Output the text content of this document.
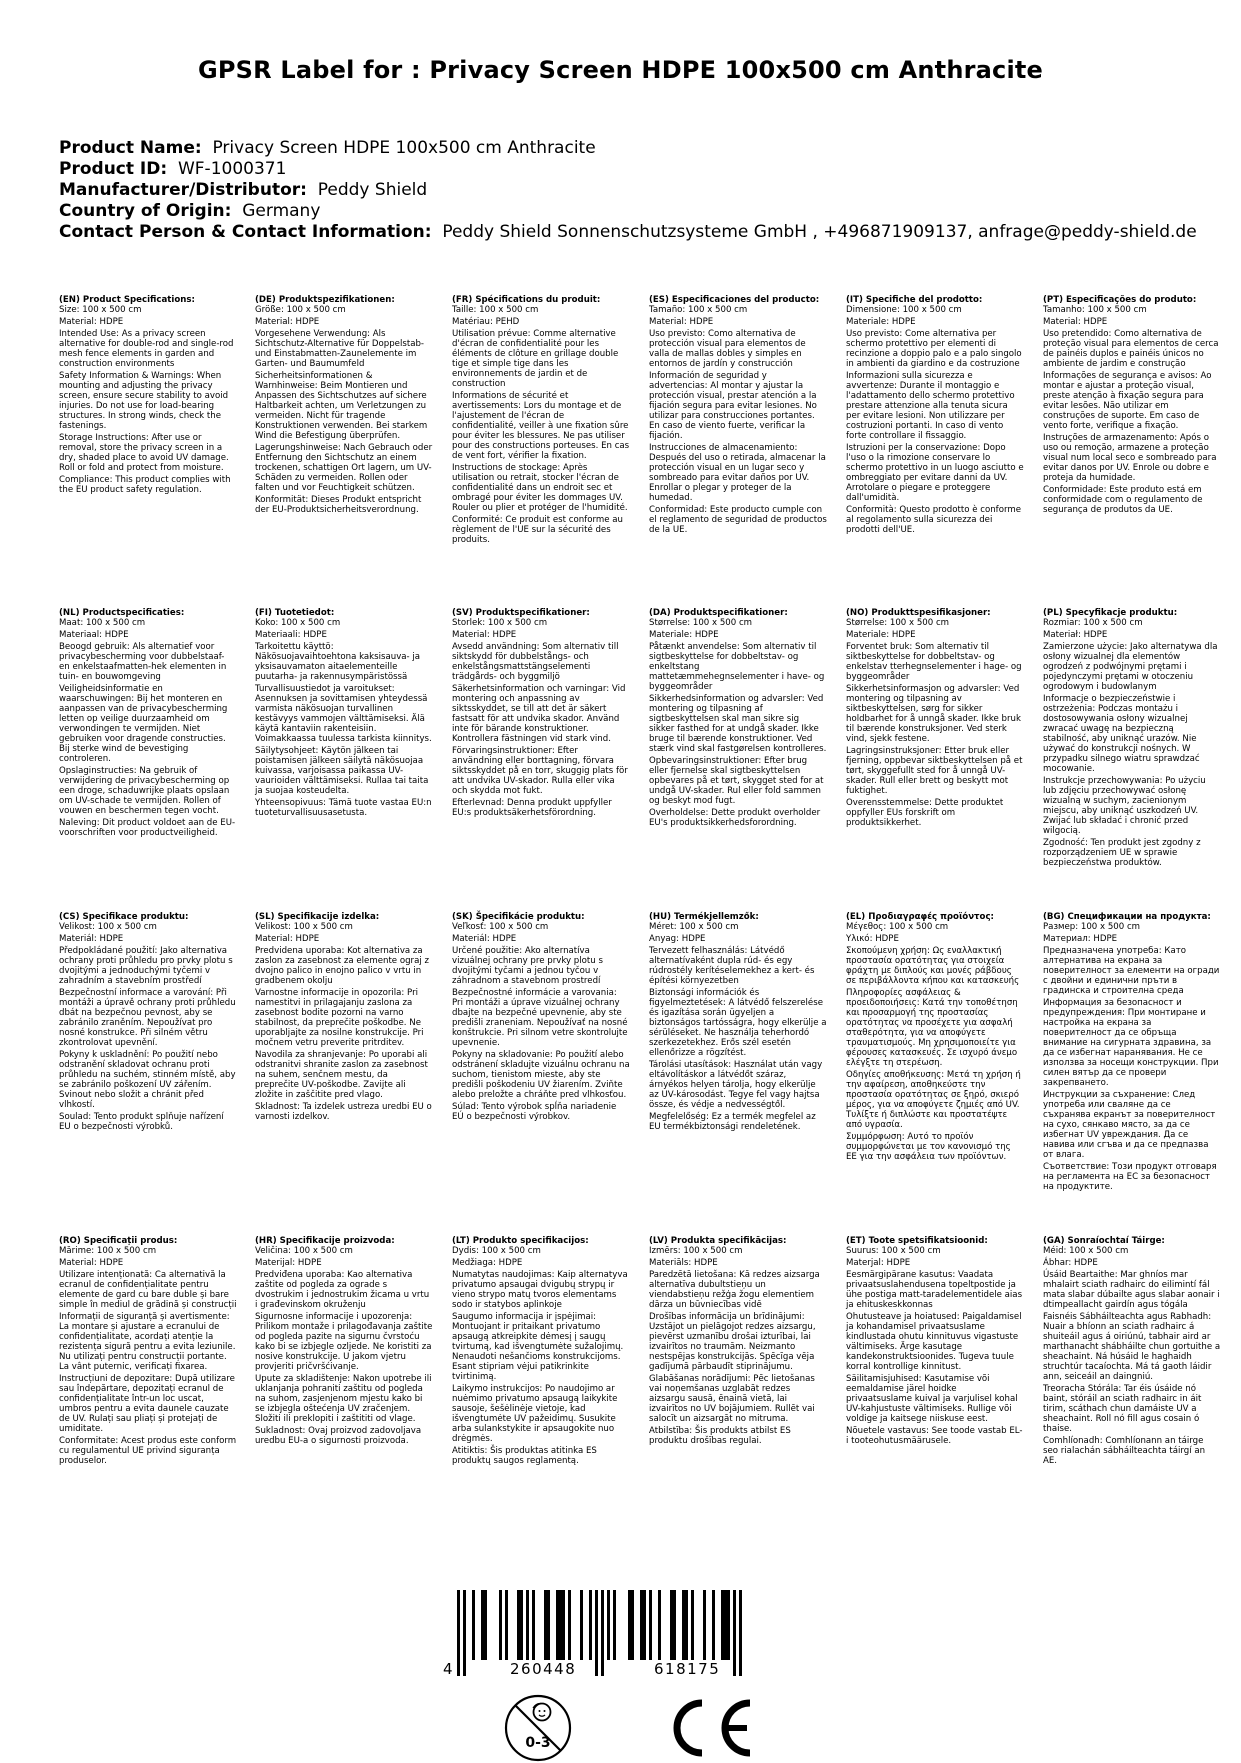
GPSR Label for : Privacy Screen HDPE 100x500 cm Anthracite
Product Name: Privacy Screen HDPE 100x500 cm Anthracite
Product ID: WF-1000371
Manufacturer/Distributor: Peddy Shield
Country of Origin: Germany
Contact Person & Contact Information: Peddy Shield Sonnenschutzsysteme GmbH , +496871909137, anfrage@peddy-shield.de
(EN) Product Specifications:

Size: 100 x 500 cm

Material: HDPE

Intended Use: As a privacy screen alternative for double-rod and single-rod mesh fence elements in garden and construction environments

Safety Information & Warnings: When mounting and adjusting the privacy screen, ensure secure stability to avoid injuries. Do not use for load-bearing structures. In strong winds, check the fastenings.

Storage Instructions: After use or removal, store the privacy screen in a dry, shaded place to avoid UV damage. Roll or fold and protect from moisture.

Compliance: This product complies with the EU product safety regulation.

(DE) Produktspezifikationen:

Größe: 100 x 500 cm

Material: HDPE

Vorgesehene Verwendung: Als Sichtschutz-Alternative für Doppelstab- und Einstabmatten-Zaunelemente im Garten- und Baumumfeld

Sicherheitsinformationen & Warnhinweise: Beim Montieren und Anpassen des Sichtschutzes auf sichere Haltbarkeit achten, um Verletzungen zu vermeiden. Nicht für tragende Konstruktionen verwenden. Bei starkem Wind die Befestigung überprüfen.

Lagerungshinweise: Nach Gebrauch oder Entfernung den Sichtschutz an einem trockenen, schattigen Ort lagern, um UV-Schäden zu vermeiden. Rollen oder falten und vor Feuchtigkeit schützen.

Konformität: Dieses Produkt entspricht der EU-Produktsicherheitsverordnung.

(FR) Spécifications du produit:

Taille: 100 x 500 cm

Matériau: PEHD

Utilisation prévue: Comme alternative d'écran de confidentialité pour les éléments de clôture en grillage double tige et simple tige dans les environnements de jardin et de construction

Informations de sécurité et avertissements: Lors du montage et de l'ajustement de l'écran de confidentialité, veiller à une fixation sûre pour éviter les blessures. Ne pas utiliser pour des constructions porteuses. En cas de vent fort, vérifier la fixation.

Instructions de stockage: Après utilisation ou retrait, stocker l'écran de confidentialité dans un endroit sec et ombragé pour éviter les dommages UV. Rouler ou plier et protéger de l'humidité.

Conformité: Ce produit est conforme au règlement de l'UE sur la sécurité des produits.

(ES) Especificaciones del producto:

Tamaño: 100 x 500 cm

Material: HDPE

Uso previsto: Como alternativa de protección visual para elementos de valla de mallas dobles y simples en entornos de jardín y construcción

Información de seguridad y advertencias: Al montar y ajustar la protección visual, prestar atención a la fijación segura para evitar lesiones. No utilizar para construcciones portantes. En caso de viento fuerte, verificar la fijación.

Instrucciones de almacenamiento: Después del uso o retirada, almacenar la protección visual en un lugar seco y sombreado para evitar daños por UV. Enrollar o plegar y proteger de la humedad.

Conformidad: Este producto cumple con el reglamento de seguridad de productos de la UE.

(IT) Specifiche del prodotto:

Dimensione: 100 x 500 cm

Materiale: HDPE

Uso previsto: Come alternativa per schermo protettivo per elementi di recinzione a doppio palo e a palo singolo in ambienti da giardino e da costruzione

Informazioni sulla sicurezza e avvertenze: Durante il montaggio e l'adattamento dello schermo protettivo prestare attenzione alla tenuta sicura per evitare lesioni. Non utilizzare per costruzioni portanti. In caso di vento forte controllare il fissaggio.

Istruzioni per la conservazione: Dopo l'uso o la rimozione conservare lo schermo protettivo in un luogo asciutto e ombreggiato per evitare danni da UV. Arrotolare o piegare e proteggere dall'umidità.

Conformità: Questo prodotto è conforme al regolamento sulla sicurezza dei prodotti dell'UE.

(PT) Especificações do produto:

Tamanho: 100 x 500 cm

Material: HDPE

Uso pretendido: Como alternativa de proteção visual para elementos de cerca de painéis duplos e painéis únicos no ambiente de jardim e construção

Informações de segurança e avisos: Ao montar e ajustar a proteção visual, preste atenção à fixação segura para evitar lesões. Não utilizar em construções de suporte. Em caso de vento forte, verifique a fixação.

Instruções de armazenamento: Após o uso ou remoção, armazene a proteção visual num local seco e sombreado para evitar danos por UV. Enrole ou dobre e proteja da humidade.

Conformidade: Este produto está em conformidade com o regulamento de segurança de produtos da UE.

(NL) Productspecificaties:

Maat: 100 x 500 cm

Materiaal: HDPE

Beoogd gebruik: Als alternatief voor privacybescherming voor dubbelstaaf- en enkelstaafmatten-hek elementen in tuin- en bouwomgeving

Veiligheidsinformatie en waarschuwingen: Bij het monteren en aanpassen van de privacybescherming letten op veilige duurzaamheid om verwondingen te vermijden. Niet gebruiken voor dragende constructies. Bij sterke wind de bevestiging controleren.

Opslaginstructies: Na gebruik of verwijdering de privacybescherming op een droge, schaduwrijke plaats opslaan om UV-schade te vermijden. Rollen of vouwen en beschermen tegen vocht.

Naleving: Dit product voldoet aan de EU-voorschriften voor productveiligheid.

(FI) Tuotetiedot:

Koko: 100 x 500 cm

Materiaali: HDPE

Tarkoitettu käyttö: Näkösuojavaihtoehtona kaksisauva- ja yksisauvamaton aitaelementeille puutarha- ja rakennusympäristössä

Turvallisuustiedot ja varoitukset: Asennuksen ja sovittamisen yhteydessä varmista näkösuojan turvallinen kestävyys vammojen välttämiseksi. Älä käytä kantaviin rakenteisiin. Voimakkaassa tuulessa tarkista kiinnitys.

Säilytysohjeet: Käytön jälkeen tai poistamisen jälkeen säilytä näkösuojaa kuivassa, varjoisassa paikassa UV-vaurioiden välttämiseksi. Rullaa tai taita ja suojaa kosteudelta.

Yhteensopivuus: Tämä tuote vastaa EU:n tuoteturvallisuusasetusta.

(SV) Produktspecifikationer:

Storlek: 100 x 500 cm

Material: HDPE

Avsedd användning: Som alternativ till siktskydd för dubbelstångs- och enkelstångsmattstängselementi trädgårds- och byggmiljö

Säkerhetsinformation och varningar: Vid montering och anpassning av siktsskyddet, se till att det är säkert fastsatt för att undvika skador. Använd inte för bärande konstruktioner. Kontrollera fästningen vid stark vind.

Förvaringsinstruktioner: Efter användning eller borttagning, förvara siktsskyddet på en torr, skuggig plats för att undvika UV-skador. Rulla eller vika och skydda mot fukt.

Efterlevnad: Denna produkt uppfyller EU:s produktsäkerhetsförordning.

(DA) Produktspecifikationer:

Størrelse: 100 x 500 cm

Materiale: HDPE

Påtænkt anvendelse: Som alternativ til sigtbeskyttelse for dobbeltstav- og enkeltstang mattetæmmehegnselementer i have- og byggeområder

Sikkerhedsinformation og advarsler: Ved montering og tilpasning af sigtbeskyttelsen skal man sikre sig sikker fasthed for at undgå skader. Ikke bruge til bærende konstruktioner. Ved stærk vind skal fastgørelsen kontrolleres.

Opbevaringsinstruktioner: Efter brug eller fjernelse skal sigtbeskyttelsen opbevares på et tørt, skygget sted for at undgå UV-skader. Rul eller fold sammen og beskyt mod fugt.

Overholdelse: Dette produkt overholder EU's produktsikkerhedsforordning.

(NO) Produkttspesifikasjoner:

Størrelse: 100 x 500 cm

Materiale: HDPE

Forventet bruk: Som alternativ til siktbeskyttelse for dobbeltstav- og enkelstav tterhegnselementer i hage- og byggeområder

Sikkerhetsinformasjon og advarsler: Ved montering og tilpasning av siktbeskyttelsen, sørg for sikker holdbarhet for å unngå skader. Ikke bruk til bærende konstruksjoner. Ved sterk vind, sjekk festene.

Lagringsinstruksjoner: Etter bruk eller fjerning, oppbevar siktbeskyttelsen på et tørt, skyggefullt sted for å unngå UV-skader. Rull eller brett og beskytt mot fuktighet.

Overensstemmelse: Dette produktet oppfyller EUs forskrift om produktsikkerhet.

(PL) Specyfikacje produktu:

Rozmiar: 100 x 500 cm

Materiał: HDPE

Zamierzone użycie: Jako alternatywa dla osłony wizualnej dla elementów ogrodzeń z podwójnymi prętami i pojedynczymi prętami w otoczeniu ogrodowym i budowlanym

Informacje o bezpieczeństwie i ostrzeżenia: Podczas montażu i dostosowywania osłony wizualnej zwracać uwagę na bezpieczną stabilność, aby uniknąć urazów. Nie używać do konstrukcji nośnych. W przypadku silnego wiatru sprawdzać mocowanie.

Instrukcje przechowywania: Po użyciu lub zdjęciu przechowywać osłonę wizualną w suchym, zacienionym miejscu, aby uniknąć uszkodzeń UV. Zwijać lub składać i chronić przed wilgocią.

Zgodność: Ten produkt jest zgodny z rozporządzeniem UE w sprawie bezpieczeństwa produktów.

(CS) Specifikace produktu:

Velikost: 100 x 500 cm

Materiál: HDPE

Předpokládané použití: Jako alternativa ochrany proti průhledu pro prvky plotu s dvojitými a jednoduchými tyčemi v zahradním a stavebním prostředí

Bezpečnostní informace a varování: Při montáži a úpravě ochrany proti průhledu dbát na bezpečnou pevnost, aby se zabránilo zraněním. Nepoužívat pro nosné konstrukce. Při silném větru zkontrolovat upevnění.

Pokyny k uskladnění: Po použití nebo odstranění skladovat ochranu proti průhledu na suchém, stinném místě, aby se zabránilo poškození UV zářením. Svinout nebo složit a chránit před vlhkostí.

Soulad: Tento produkt splňuje nařízení EU o bezpečnosti výrobků.

(SL) Specifikacije izdelka:

Velikost: 100 x 500 cm

Material: HDPE

Predvidena uporaba: Kot alternativa za zaslon za zasebnost za elemente ograj z dvojno palico in enojno palico v vrtu in gradbenem okolju

Varnostne informacije in opozorila: Pri namestitvi in prilagajanju zaslona za zasebnost bodite pozorni na varno stabilnost, da preprečite poškodbe. Ne uporabljajte za nosilne konstrukcije. Pri močnem vetru preverite pritrditev.

Navodila za shranjevanje: Po uporabi ali odstranitvi shranite zaslon za zasebnost na suhem, senčnem mestu, da preprečite UV-poškodbe. Zavijte ali zložite in zaščitite pred vlago.

Skladnost: Ta izdelek ustreza uredbi EU o varnosti izdelkov.

(SK) Špecifikácie produktu:

Veľkosť: 100 x 500 cm

Materiál: HDPE

Určené použitie: Ako alternatíva vizuálnej ochrany pre prvky plotu s dvojitými tyčami a jednou tyčou v záhradnom a stavebnom prostredí

Bezpečnostné informácie a varovania: Pri montáži a úprave vizuálnej ochrany dbajte na bezpečné upevnenie, aby ste predišli zraneniam. Nepoužívať na nosné konštrukcie. Pri silnom vetre skontrolujte upevnenie.

Pokyny na skladovanie: Po použití alebo odstránení skladujte vizuálnu ochranu na suchom, tienistom mieste, aby ste predišli poškodeniu UV žiarením. Zviňte alebo preložte a chráňte pred vlhkosťou.

Súlad: Tento výrobok spĺňa nariadenie EÚ o bezpečnosti výrobkov.

(HU) Termékjellemzők:

Méret: 100 x 500 cm

Anyag: HDPE

Tervezett felhasználás: Látvédő alternatívaként dupla rúd- és egy rúdrostély kerítéselemekhez a kert- és építési környezetben

Biztonsági információk és figyelmeztetések: A látvédő felszerelése és igazítása során ügyeljen a biztonságos tartósságra, hogy elkerülje a sérüléseket. Ne használja teherhordó szerkezetekhez. Erős szél esetén ellenőrizze a rögzítést.

Tárolási utasítások: Használat után vagy eltávolításkor a látvédőt száraz, árnyékos helyen tárolja, hogy elkerülje az UV-károsodást. Tegye fel vagy hajtsa össze, és védje a nedvességtől.

Megfelelőség: Ez a termék megfelel az EU termékbiztonsági rendeletének.

(EL) Προδιαγραφές προϊόντος:

Μέγεθος: 100 x 500 cm

Υλικό: HDPE

Σκοπούμενη χρήση: Ως εναλλακτική προστασία ορατότητας για στοιχεία φράχτη με διπλούς και μονές ράβδους σε περιβάλλοντα κήπου και κατασκευής

Πληροφορίες ασφάλειας & προειδοποιήσεις: Κατά την τοποθέτηση και προσαρμογή της προστασίας ορατότητας να προσέχετε για ασφαλή σταθερότητα, για να αποφύγετε τραυματισμούς. Μη χρησιμοποιείτε για φέρουσες κατασκευές. Σε ισχυρό άνεμο ελέγξτε τη στερέωση.

Οδηγίες αποθήκευσης: Μετά τη χρήση ή την αφαίρεση, αποθηκεύστε την προστασία ορατότητας σε ξηρό, σκιερό μέρος, για να αποφύγετε ζημιές από UV. Τυλίξτε ή διπλώστε και προστατέψτε από υγρασία.

Συμμόρφωση: Αυτό το προϊόν συμμορφώνεται με τον κανονισμό της ΕΕ για την ασφάλεια των προϊόντων.

(BG) Спецификации на продукта:

Размер: 100 x 500 cm

Материал: HDPE

Предназначена употреба: Като алтернатива на екрана за поверителност за елементи на огради с двойни и единични пръти в градинска и строителна среда

Информация за безопасност и предупреждения: При монтиране и настройка на екрана за поверителност да се обръща внимание на сигурната здравина, за да се избегнат наранявания. Не се използва за носещи конструкции. При силен вятър да се провери закрепването.

Инструкции за съхранение: След употреба или сваляне да се съхранява екранът за поверителност на сухо, сянкаво място, за да се избегнат UV увреждания. Да се навива или сгъва и да се предпазва от влага.

Съответствие: Този продукт отговаря на регламента на ЕС за безопасност на продуктите.

(RO) Specificații produs:

Mărime: 100 x 500 cm

Material: HDPE

Utilizare intenționată: Ca alternativă la ecranul de confidențialitate pentru elemente de gard cu bare duble și bare simple în mediul de grădină și construcții

Informații de siguranță și avertismente: La montare și ajustare a ecranului de confidențialitate, acordați atenție la rezistența sigură pentru a evita leziunile. Nu utilizați pentru construcții portante. La vânt puternic, verificați fixarea.

Instrucțiuni de depozitare: După utilizare sau îndepărtare, depozitați ecranul de confidențialitate într-un loc uscat, umbros pentru a evita daunele cauzate de UV. Rulați sau pliați și protejați de umiditate.

Conformitate: Acest produs este conform cu regulamentul UE privind siguranța produselor.

(HR) Specifikacije proizvoda:

Veličina: 100 x 500 cm

Materijal: HDPE

Predviđena uporaba: Kao alternativa zaštite od pogleda za ograde s dvostrukim i jednostrukim žicama u vrtu i građevinskom okruženju

Sigurnosne informacije i upozorenja: Prilikom montaže i prilagođavanja zaštite od pogleda pazite na sigurnu čvrstoću kako bi se izbjegle ozljede. Ne koristiti za nosive konstrukcije. U jakom vjetru provjeriti pričvršćivanje.

Upute za skladištenje: Nakon upotrebe ili uklanjanja pohraniti zaštitu od pogleda na suhom, zasjenjenom mjestu kako bi se izbjegla oštećenja UV zračenjem. Složiti ili preklopiti i zaštititi od vlage.

Sukladnost: Ovaj proizvod zadovoljava uredbu EU-a o sigurnosti proizvoda.

(LT) Produkto specifikacijos:

Dydis: 100 x 500 cm

Medžiaga: HDPE

Numatytas naudojimas: Kaip alternatyva privatumo apsaugai dvigubų strypų ir vieno strypo matų tvoros elementams sodo ir statybos aplinkoje

Saugumo informacija ir įspėjimai: Montuojant ir pritaikant privatumo apsaugą atkreipkite dėmesį į saugų tvirtumą, kad išvengtumėte sužalojimų. Nenaudoti nešančioms konstrukcijoms. Esant stipriam vėjui patikrinkite tvirtinimą.

Laikymo instrukcijos: Po naudojimo ar nuėmimo privatumo apsaugą laikykite sausoje, šešėlinėje vietoje, kad išvengtumėte UV pažeidimų. Susukite arba sulankstykite ir apsaugokite nuo drėgmės.

Atitiktis: Šis produktas atitinka ES produktų saugos reglamentą.

(LV) Produkta specifikācijas:

Izmērs: 100 x 500 cm

Materiāls: HDPE

Paredzētā lietošana: Kā redzes aizsarga alternatīva dubultstieņu un viendabstieņu režģa žogu elementiem dārza un būvniecības vidē

Drošības informācija un brīdinājumi: Uzstājot un pielāgojot redzes aizsargu, pievērst uzmanību drošai izturībai, lai izvairītos no traumām. Neizmanto nestspējas konstrukcijās. Spēcīga vēja gadījumā pārbaudīt stiprinājumu.

Glabāšanas norādījumi: Pēc lietošanas vai noņemšanas uzglabāt redzes aizsargu sausā, ēnainā vietā, lai izvairītos no UV bojājumiem. Rullēt vai salocīt un aizsargāt no mitruma.

Atbilstība: Šis produkts atbilst ES produktu drošības regulai.

(ET) Toote spetsifikatsioonid:

Suurus: 100 x 500 cm

Materjal: HDPE

Eesmärgipärane kasutus: Vaadata privaatsuslahendusena topeltpostide ja ühe postiga matt-taradelementidele aias ja ehituskeskkonnas

Ohutusteave ja hoiatused: Paigaldamisel ja kohandamisel privaatsuslame kindlustada ohutu kinnituvus vigastuste vältimiseks. Ärge kasutage kandekonstruktsioonides. Tugeva tuule korral kontrollige kinnitust.

Säilitamisjuhised: Kasutamise või eemaldamise järel hoidke privaatsuslame kuival ja varjulisel kohal UV-kahjustuste vältimiseks. Rullige või voldige ja kaitsege niiskuse eest.

Nõuetele vastavus: See toode vastab EL-i tooteohutusmäärusele.

(GA) Sonraíochtaí Táirge:

Méid: 100 x 500 cm

Ábhar: HDPE

Úsáid Beartaithe: Mar ghníos mar mhalairt sciath radhairc do eilimintí fál mata slabar dúbailte agus slabar aonair i dtimpeallacht gairdín agus tógála

Faisnéis Sábháilteachta agus Rabhadh: Nuair a bhíonn an sciath radhairc á shuiteáil agus á oiriúnú, tabhair aird ar marthanacht shábháilte chun gortuithe a sheachaint. Ná húsáid le haghaidh struchtúr tacaíochta. Má tá gaoth láidir ann, seiceáil an daingniú.

Treoracha Stórála: Tar éis úsáide nó baint, stóráil an sciath radhairc in áit tirim, scáthach chun damáiste UV a sheachaint. Roll nó fill agus cosain ó thaise.

Comhlíonadh: Comhlíonann an táirge seo rialachán sábháilteachta táirgí an AE.

4	260448	618175
0-3
